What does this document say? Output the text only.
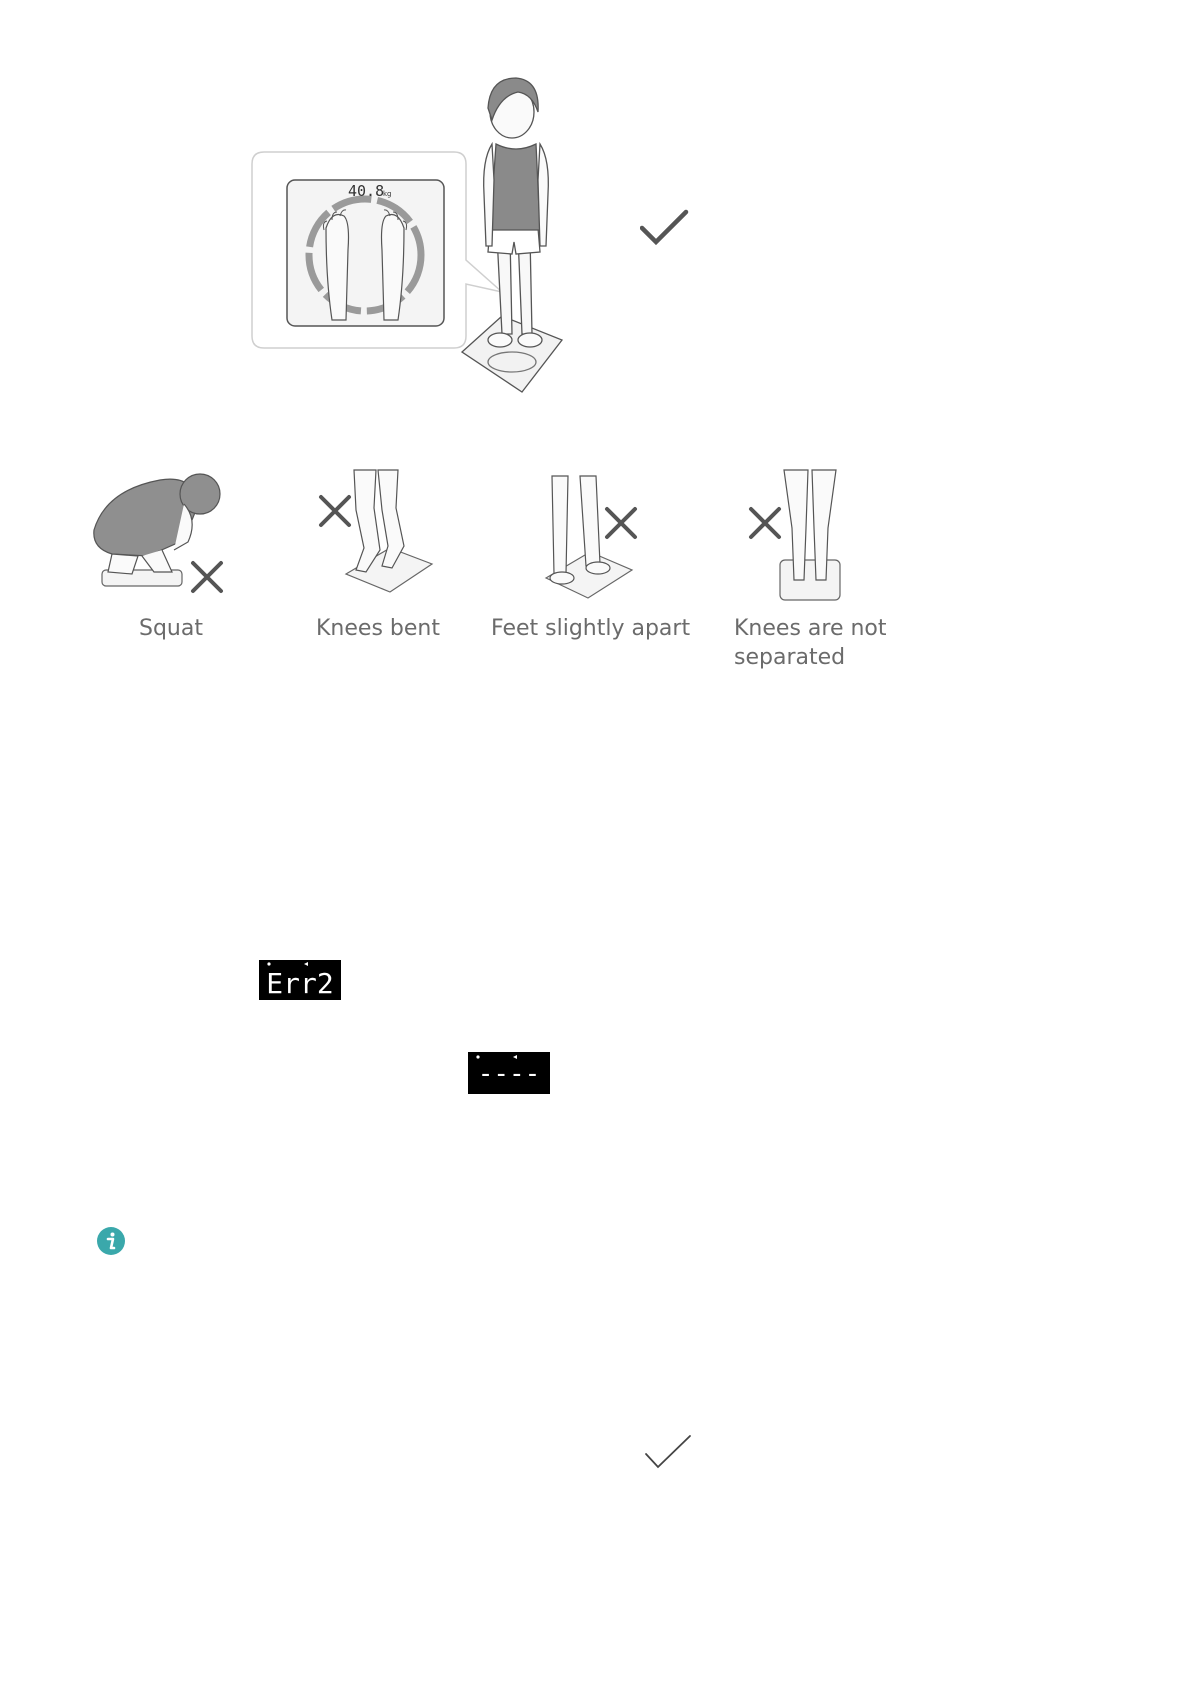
40.8
kg
Squat	Knees bent Feet slightly apart Knees are not separated
Err2
----
